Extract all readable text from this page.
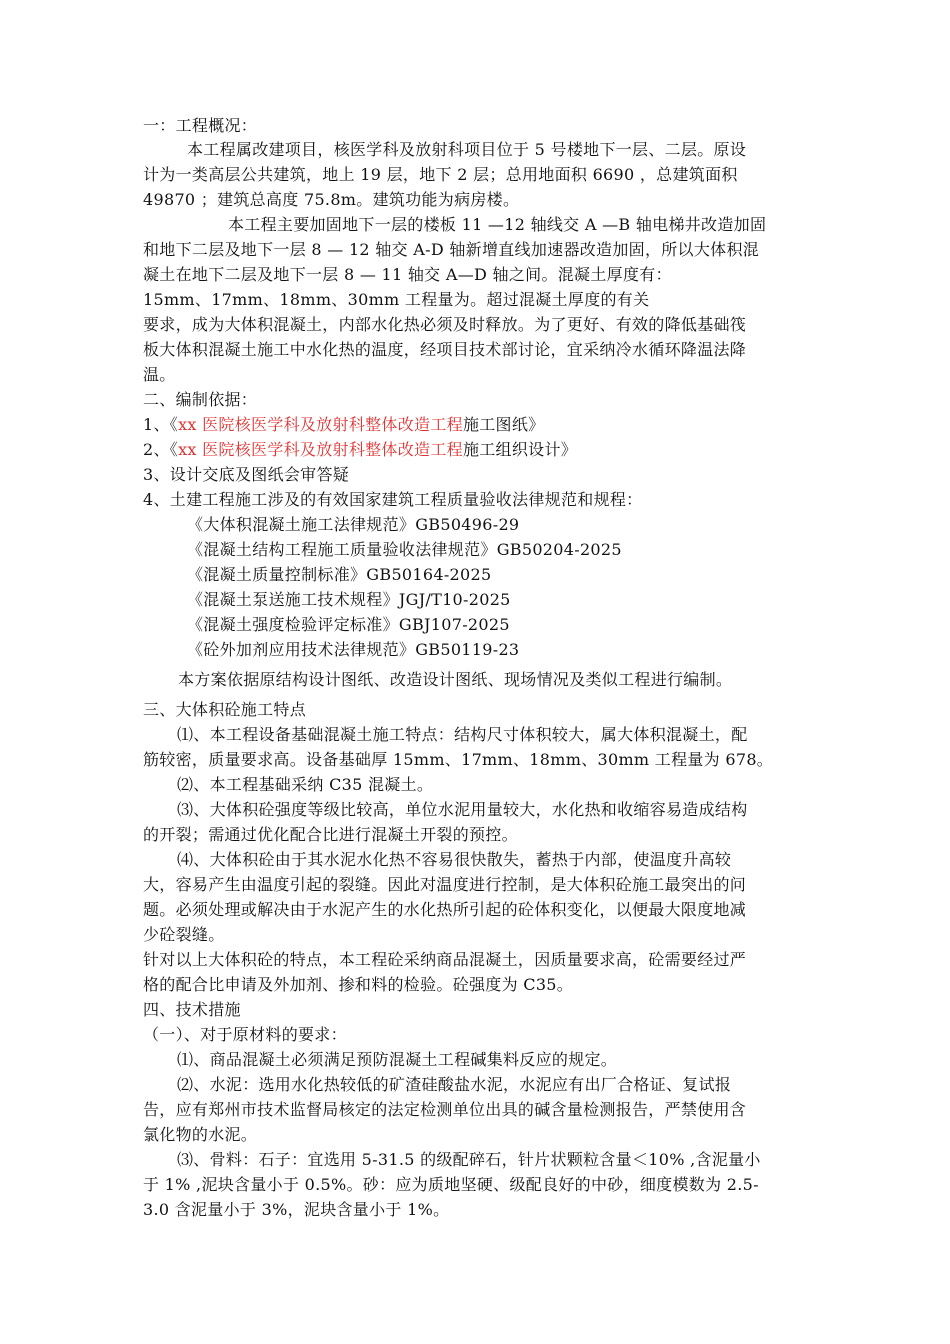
一：工程概况：
本工程属改建项目，核医学科及放射科项目位于 5 号楼地下一层、二层。原设
计为一类高层公共建筑，地上 19 层，地下 2 层；总用地面积 6690 ，总建筑面积
49870 ；建筑总高度 75.8m。建筑功能为病房楼。
本工程主要加固地下一层的楼板 11 —12 轴线交 A —B 轴电梯井改造加固
和地下二层及地下一层 8 — 12 轴交 A-D 轴新增直线加速器改造加固，所以大体积混
凝土在地下二层及地下一层 8 — 11 轴交 A—D 轴之间。混凝土厚度有：
15mm、17mm、18mm、30mm 工程量为。超过混凝土厚度的有关
要求，成为大体积混凝土，内部水化热必须及时释放。为了更好、有效的降低基础筏
板大体积混凝土施工中水化热的温度，经项目技术部讨论，宜采纳冷水循环降温法降
温。
二、编制依据：
1、《xx 医院核医学科及放射科整体改造工程施工图纸》
2、《xx 医院核医学科及放射科整体改造工程施工组织设计》
3、设计交底及图纸会审答疑
4、土建工程施工涉及的有效国家建筑工程质量验收法律规范和规程：
《大体积混凝土施工法律规范》GB50496-29
《混凝土结构工程施工质量验收法律规范》GB50204-2025
《混凝土质量控制标准》GB50164-2025
《混凝土泵送施工技术规程》JGJ/T10-2025
《混凝土强度检验评定标准》GBJ107-2025
《砼外加剂应用技术法律规范》GB50119-23
本方案依据原结构设计图纸、改造设计图纸、现场情况及类似工程进行编制。
三、大体积砼施工特点
⑴、本工程设备基础混凝土施工特点：结构尺寸体积较大，属大体积混凝土，配
筋较密，质量要求高。设备基础厚 15mm、17mm、18mm、30mm 工程量为 678。
⑵、本工程基础采纳 C35 混凝土。
⑶、大体积砼强度等级比较高，单位水泥用量较大，水化热和收缩容易造成结构
的开裂；需通过优化配合比进行混凝土开裂的预控。
⑷、大体积砼由于其水泥水化热不容易很快散失，蓄热于内部，使温度升高较
大，容易产生由温度引起的裂缝。因此对温度进行控制，是大体积砼施工最突出的问
题。必须处理或解决由于水泥产生的水化热所引起的砼体积变化，以便最大限度地减
少砼裂缝。
针对以上大体积砼的特点，本工程砼采纳商品混凝土，因质量要求高，砼需要经过严
格的配合比申请及外加剂、掺和料的检验。砼强度为 C35。
四、技术措施
（一）、对于原材料的要求：
⑴、商品混凝土必须满足预防混凝土工程碱集料反应的规定。
⑵、水泥：选用水化热较低的矿渣硅酸盐水泥，水泥应有出厂合格证、复试报
告，应有郑州市技术监督局核定的法定检测单位出具的碱含量检测报告，严禁使用含
氯化物的水泥。
⑶、骨料：石子：宜选用 5-31.5 的级配碎石，针片状颗粒含量＜10% ,含泥量小
于 1% ,泥块含量小于 0.5%。砂：应为质地坚硬、级配良好的中砂，细度模数为 2.5-
3.0 含泥量小于 3%，泥块含量小于 1%。
